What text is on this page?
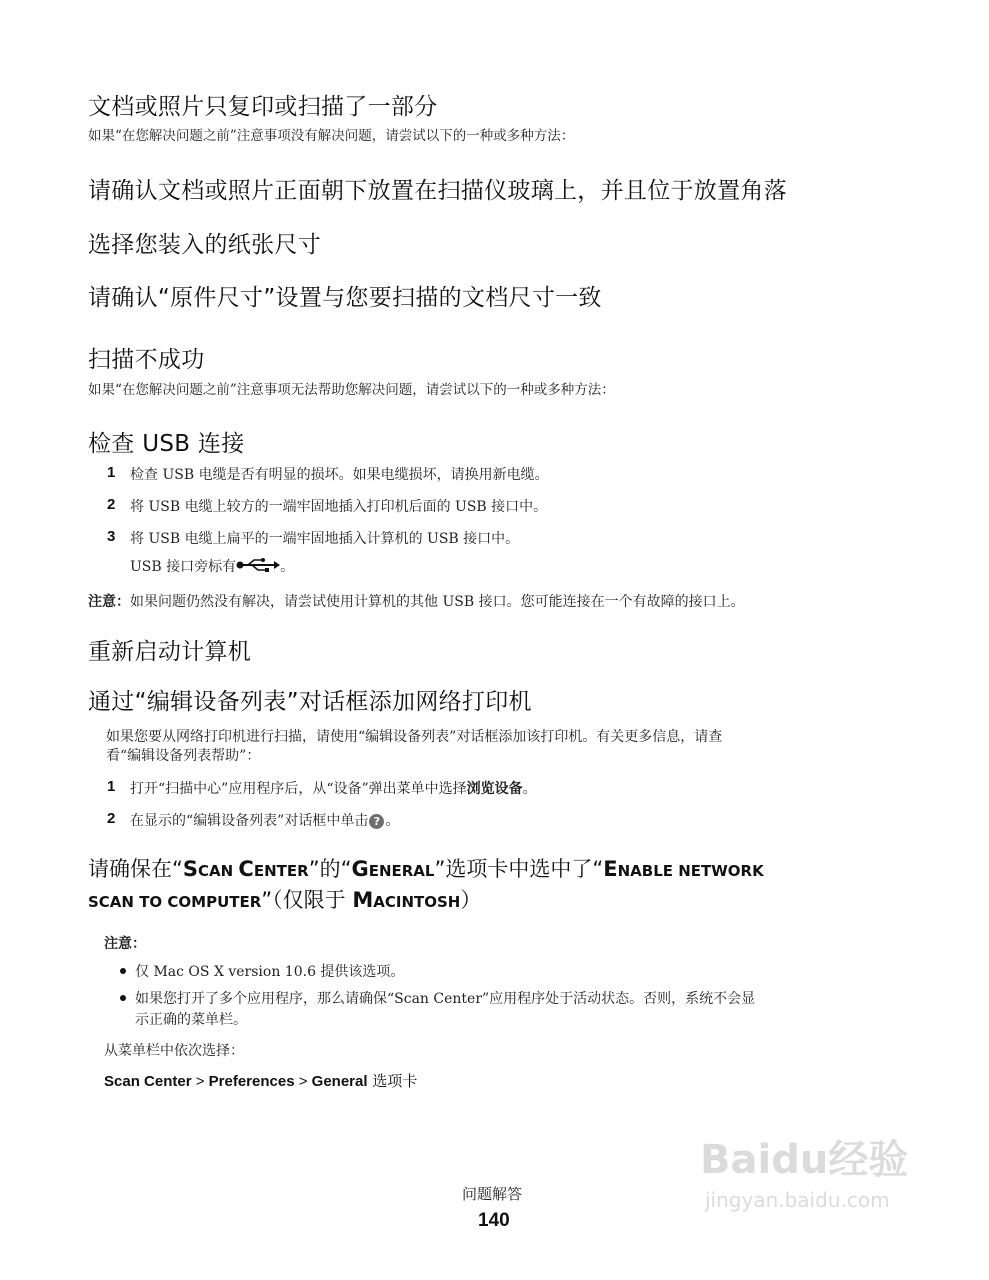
文档或照片只复印或扫描了一部分
如果“在您解决问题之前”注意事项没有解决问题，请尝试以下的一种或多种方法：
请确认文档或照片正面朝下放置在扫描仪玻璃上，并且位于放置角落
选择您装入的纸张尺寸
请确认“原件尺寸”设置与您要扫描的文档尺寸一致
扫描不成功
如果“在您解决问题之前”注意事项无法帮助您解决问题，请尝试以下的一种或多种方法：
检查 USB 连接
1 检查 USB 电缆是否有明显的损坏。如果电缆损坏，请换用新电缆。
2 将 USB 电缆上较方的一端牢固地插入打印机后面的 USB 接口中。
3 将 USB 电缆上扁平的一端牢固地插入计算机的 USB 接口中。
USB 接口旁标有	。
注意：如果问题仍然没有解决，请尝试使用计算机的其他 USB 接口。您可能连接在一个有故障的接口上。
重新启动计算机
通过“编辑设备列表”对话框添加网络打印机
如果您要从网络打印机进行扫描，请使用“编辑设备列表”对话框添加该打印机。有关更多信息，请查
看“编辑设备列表帮助”：
1 打开“扫描中心”应用程序后，从“设备”弹出菜单中选择浏览设备。
2 在显示的“编辑设备列表”对话框中单击 ? 。
请确保在“SCAN CENTER”的“GENERAL”选项卡中选中了“ENABLE NETWORK
SCAN TO COMPUTER”（仅限于 MACINTOSH）
注意：
仅 Mac OS X version 10.6 提供该选项。
如果您打开了多个应用程序，那么请确保“Scan Center”应用程序处于活动状态。否则，系统不会显
示正确的菜单栏。
从菜单栏中依次选择：
Scan Center > Preferences > General 选项卡
Baidu经验
jingyan.baidu.com
问题解答
140
